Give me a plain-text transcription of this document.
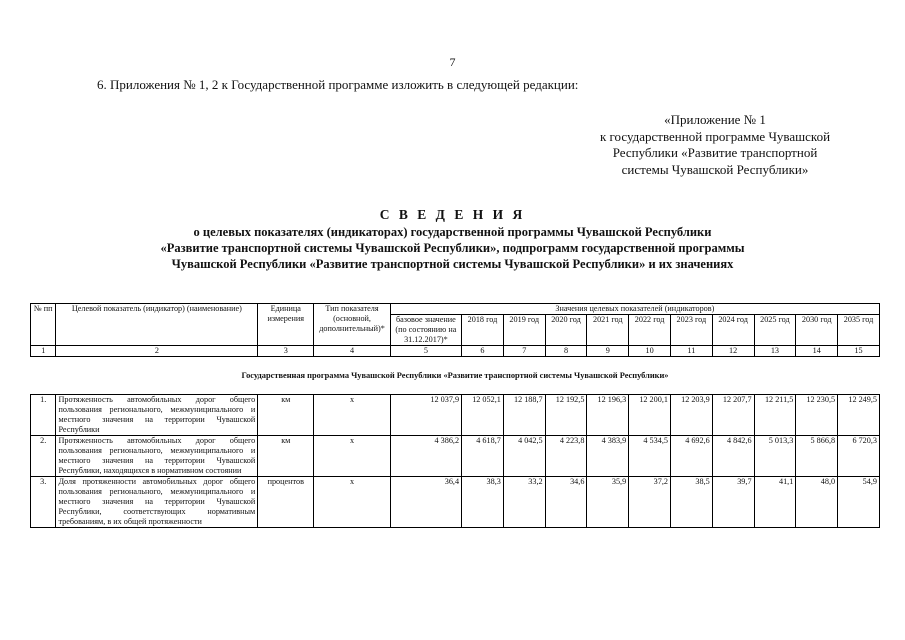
7
6. Приложения № 1, 2 к Государственной программе изложить в следующей редакции:
«Приложение № 1
к государственной программе Чувашской
Республики «Развитие транспортной
системы Чувашской Республики»
С В Е Д Е Н И Я
о целевых показателях (индикаторах) государственной программы Чувашской Республики
«Развитие транспортной системы Чувашской Республики», подпрограмм государственной программы
Чувашской Республики «Развитие транспортной системы Чувашской Республики» и их значениях
№ пп	Целевой показатель (индикатор) (наименование)	Единица измерения	Тип показателя (основной, дополнительный)*	Значения целевых показателей (индикаторов)										
				базовое значение (по состоянию на 31.12.2017)*	2018 год	2019 год	2020 год	2021 год	2022 год	2023 год	2024 год	2025 год	2030 год	2035 год
1	2	3	4	5	6	7	8	9	10	11	12	13	14	15
Государственная программа Чувашской Республики «Развитие транспортной системы Чувашской Республики»														
1.	Протяженность автомобильных дорог общего пользования регионального, межмуниципального и местного значения на территории Чувашской Республики	км	х	12 037,9	12 052,1	12 188,7	12 192,5	12 196,3	12 200,1	12 203,9	12 207,7	12 211,5	12 230,5	12 249,5
2.	Протяженность автомобильных дорог общего пользования регионального, межмуниципального и местного значения на территории Чувашской Республики, находящихся в нормативном состоянии	км	х	4 386,2	4 618,7	4 042,5	4 223,8	4 383,9	4 534,5	4 692,6	4 842,6	5 013,3	5 866,8	6 720,3
3.	Доля протяженности автомобильных дорог общего пользования регионального, межмуниципального и местного значения на территории Чувашской Республики, соответствующих нормативным требованиям, в их общей протяженности	процентов	х	36,4	38,3	33,2	34,6	35,9	37,2	38,5	39,7	41,1	48,0	54,9
